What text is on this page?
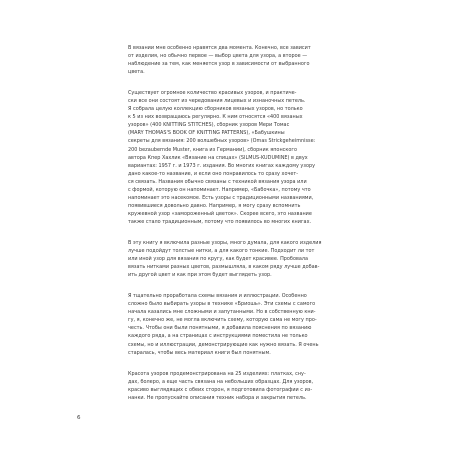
В вязании мне особенно нравятся два момента. Конечно, все зависит
от изделия, но обычно первое — выбор цвета для узора, а второе —
наблюдение за тем, как меняется узор в зависимости от выбранного
цвета.

Существует огромное количество красивых узоров, и практиче-
ски все они состоят из чередования лицевых и изнаночных петель.
Я собрала целую коллекцию сборников вязаных узоров, но только
к 5 из них возвращаюсь регулярно. К ним относятся «400 вязаных
узоров» (400 KNITTING STITCHES), сборник узоров Мери Томас
(MARY THOMAS'S BOOK OF KNITTING PATTERNS), «Бабушкины
секреты для вязания: 200 волшебных узоров» (Omas Strickgeheimnisse:
200 bezaubernde Muster, книга из Германии), сборник японского
автора Кпер Хахлик «Вязание на спицах» (SILMUS-KUDUMINE) в двух
вариантах: 1957 г. и 1973 г. издания. Во многих книгах каждому узору
дано какое-то название, и если оно понравилось то сразу хочет-
ся связать. Названия обычно связаны с техникой вязания узора или
с формой, которую он напоминает. Например, «Бабочка», потому что
напоминает это насекомое. Есть узоры с традиционными названиями,
появившиеся довольно давно. Например, я могу сразу вспомнить
кружевной узор «замороженный цветок». Скорее всего, это название
также стало традиционным, потому что появилось во многих книгах.

В эту книгу я включила разные узоры, много думала, для какого изделия
лучше подойдут толстые нитки, а для какого тонкие. Подходит ли тот
или иной узор для вязания по кругу, как будет красивее. Пробовала
вязать нитками разных цветов, размышляла, в каком ряду лучше добав-
ить другой цвет и как при этом будет выглядеть узор.

Я тщательно проработала схемы вязания и иллюстрации. Особенно
сложно было выбирать узоры в технике «Бриошь». Эти схемы с самого
начала казались мне сложными и запутанными. Но в собственную кни-
гу, я, конечно же, не могла включить схему, которую сама не могу про-
честь. Чтобы они были понятными, я добавила пояснения по вязанию
каждого ряда, а на страницах с инструкциями поместила не только
схемы, но и иллюстрации, демонстрирующие как нужно вязать. Я очень
старалась, чтобы весь материал книги был понятным.

Красота узоров продемонстрирована на 25 изделиях: платках, сну-
дах, болеро, а еще часть связана на небольших образцах. Для узоров,
красиво выглядящих с обеих сторон, я подготовила фотографии с из-
нанки. Не пропускайте описания техник набора и закрытия петель.

6
